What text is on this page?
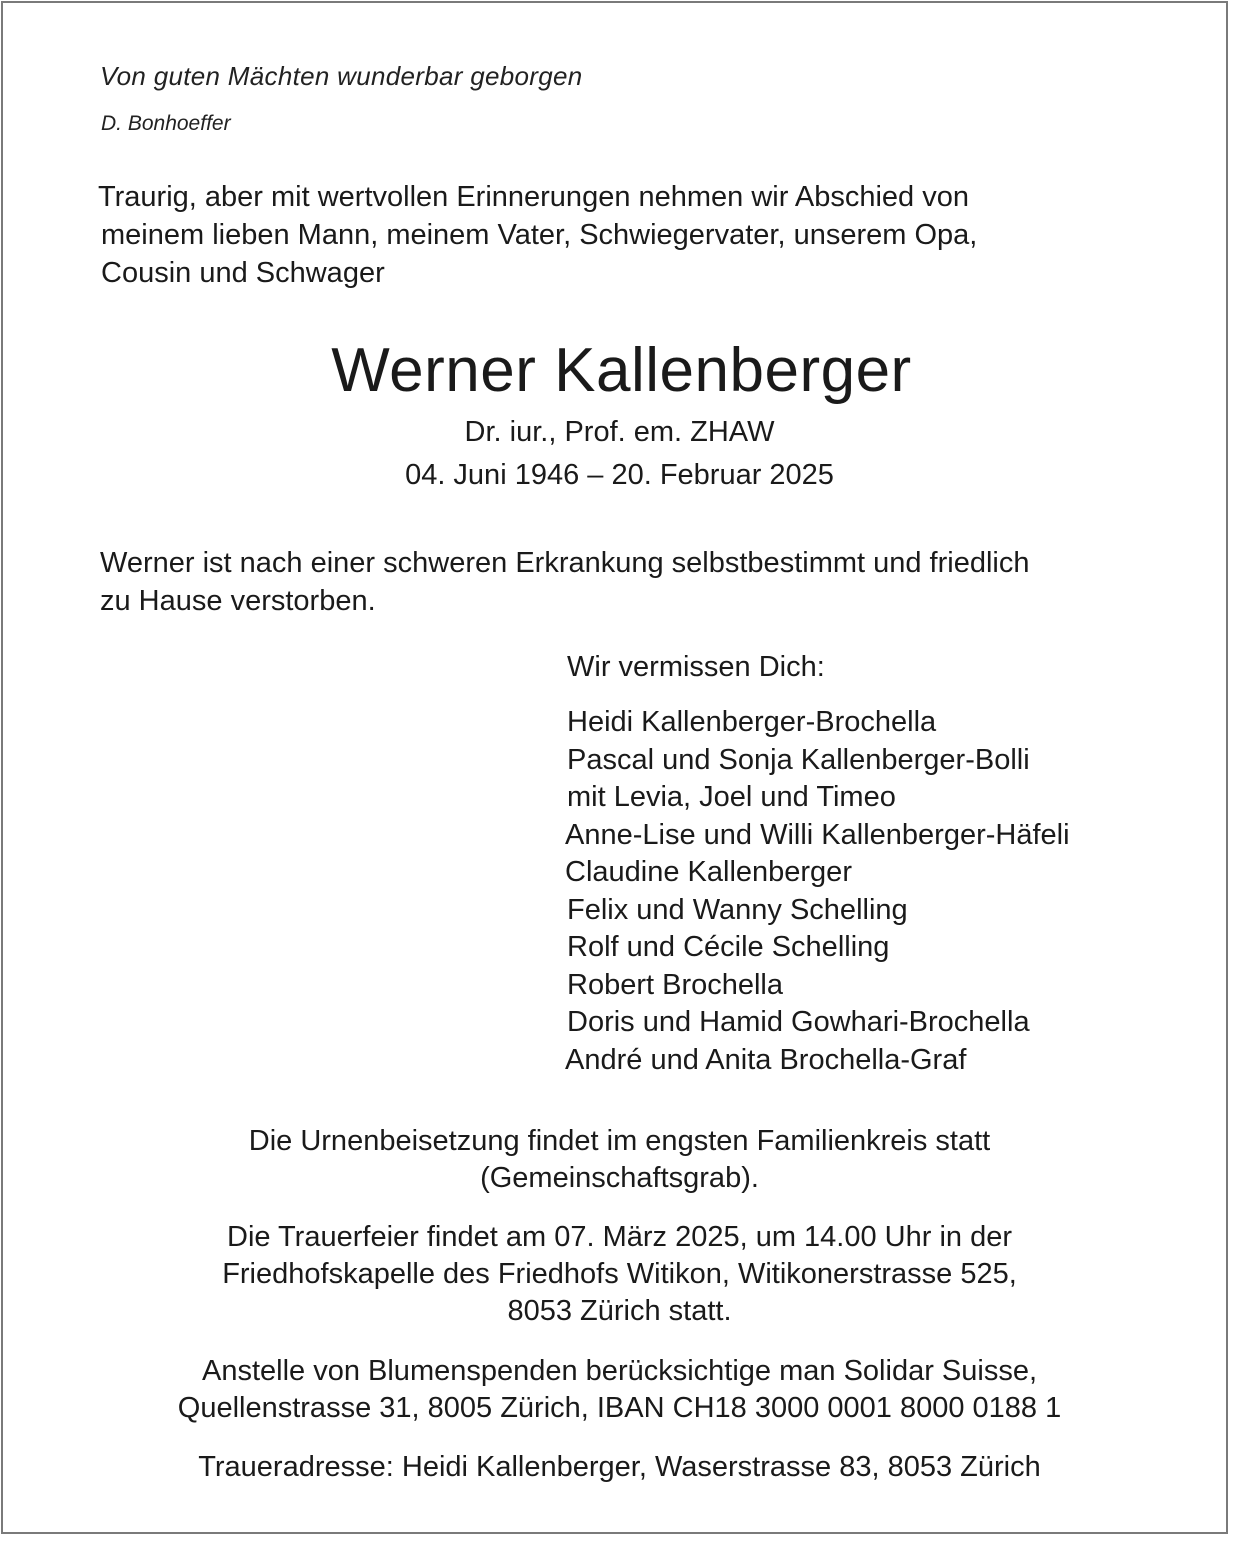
Von guten Mächten wunderbar geborgen
D. Bonhoeffer
Traurig, aber mit wertvollen Erinnerungen nehmen wir Abschied von
meinem lieben Mann, meinem Vater, Schwiegervater, unserem Opa,
Cousin und Schwager
Werner Kallenberger
Dr. iur., Prof. em. ZHAW
04. Juni 1946 – 20. Februar 2025
Werner ist nach einer schweren Erkrankung selbstbestimmt und friedlich
zu Hause verstorben.
Wir vermissen Dich:
Heidi Kallenberger-Brochella
Pascal und Sonja Kallenberger-Bolli
mit Levia, Joel und Timeo
Anne-Lise und Willi Kallenberger-Häfeli
Claudine Kallenberger
Felix und Wanny Schelling
Rolf und Cécile Schelling
Robert Brochella
Doris und Hamid Gowhari-Brochella
André und Anita Brochella-Graf
Die Urnenbeisetzung findet im engsten Familienkreis statt
(Gemeinschaftsgrab).
Die Trauerfeier findet am 07. März 2025, um 14.00 Uhr in der
Friedhofskapelle des Friedhofs Witikon, Witikonerstrasse 525,
8053 Zürich statt.
Anstelle von Blumenspenden berücksichtige man Solidar Suisse,
Quellenstrasse 31, 8005 Zürich, IBAN CH18 3000 0001 8000 0188 1
Traueradresse: Heidi Kallenberger, Waserstrasse 83, 8053 Zürich
